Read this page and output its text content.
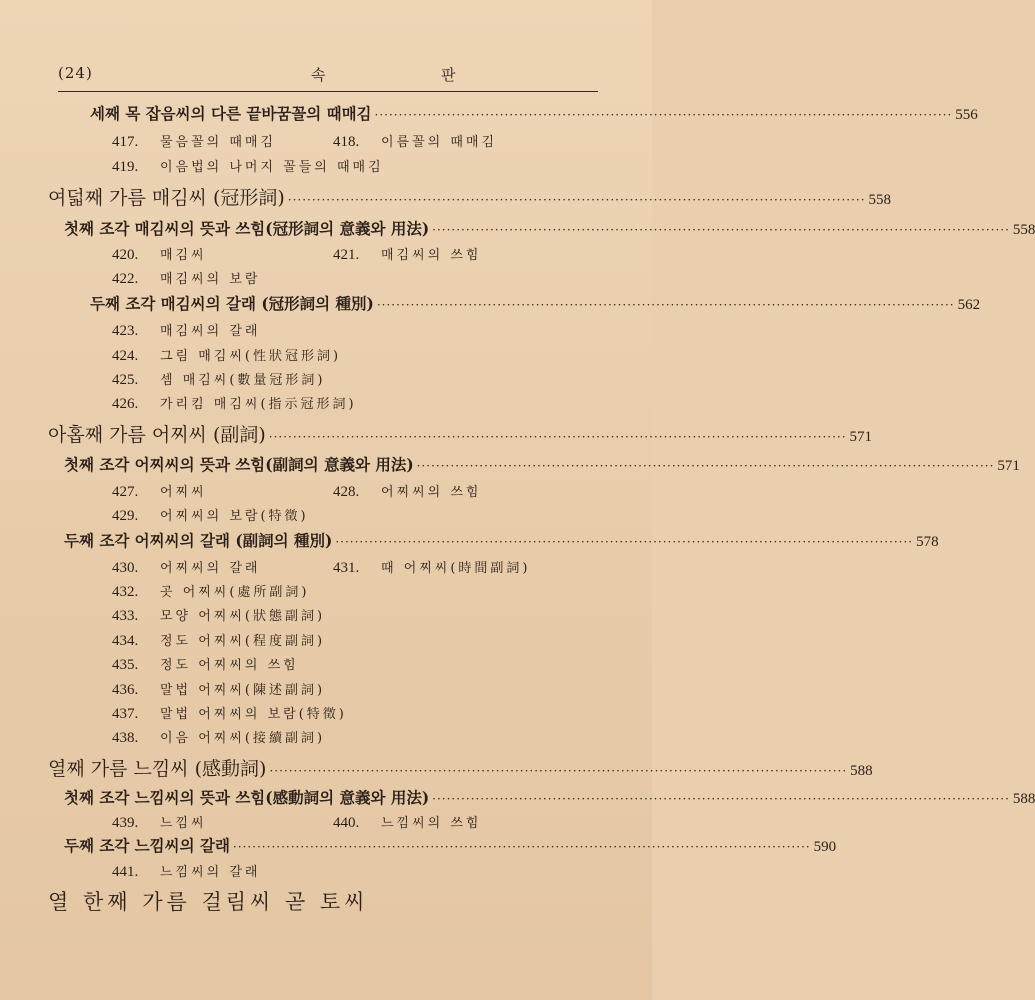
(24)	속	판
세째 목 잡음씨의 다른 끝바꿈꼴의 때매김 ························································································································ 556
417. 물음꼴의 때매김	418. 이름꼴의 때매김
419. 이음법의 나머지 꼴들의 때매김
여덟째 가름 매김씨 (冠形詞) ························································································································ 558
첫째 조각 매김씨의 뜻과 쓰힘(冠形詞의 意義와 用法) ························································································································ 558
420. 매김씨	421. 매김씨의 쓰힘
422. 매김씨의 보람
두째 조각 매김씨의 갈래 (冠形詞의 種別) ························································································································ 562
423. 매김씨의 갈래
424. 그림 매김씨(性狀冠形詞)
425. 셈 매김씨(數量冠形詞)
426. 가리킴 매김씨(指示冠形詞)
아홉째 가름 어찌씨 (副詞) ························································································································ 571
첫째 조각 어찌씨의 뜻과 쓰힘(副詞의 意義와 用法) ························································································································ 571
427. 어찌씨	428. 어찌씨의 쓰힘
429. 어찌씨의 보람(特徵)
두째 조각 어찌씨의 갈래 (副詞의 種別) ························································································································ 578
430. 어찌씨의 갈래	431. 때 어찌씨(時間副詞)
432. 곳 어찌씨(處所副詞)
433. 모양 어찌씨(狀態副詞)
434. 정도 어찌씨(程度副詞)
435. 정도 어찌씨의 쓰힘
436. 말법 어찌씨(陳述副詞)
437. 말법 어찌씨의 보람(特徵)
438. 이음 어찌씨(接續副詞)
열째 가름 느낌씨 (感動詞) ························································································································ 588
첫째 조각 느낌씨의 뜻과 쓰힘(感動詞의 意義와 用法) ························································································································ 588
439. 느낌씨	440. 느낌씨의 쓰힘
두째 조각 느낌씨의 갈래 ························································································································ 590
441. 느낌씨의 갈래
열 한째 가름 걸림씨 곧 토씨
